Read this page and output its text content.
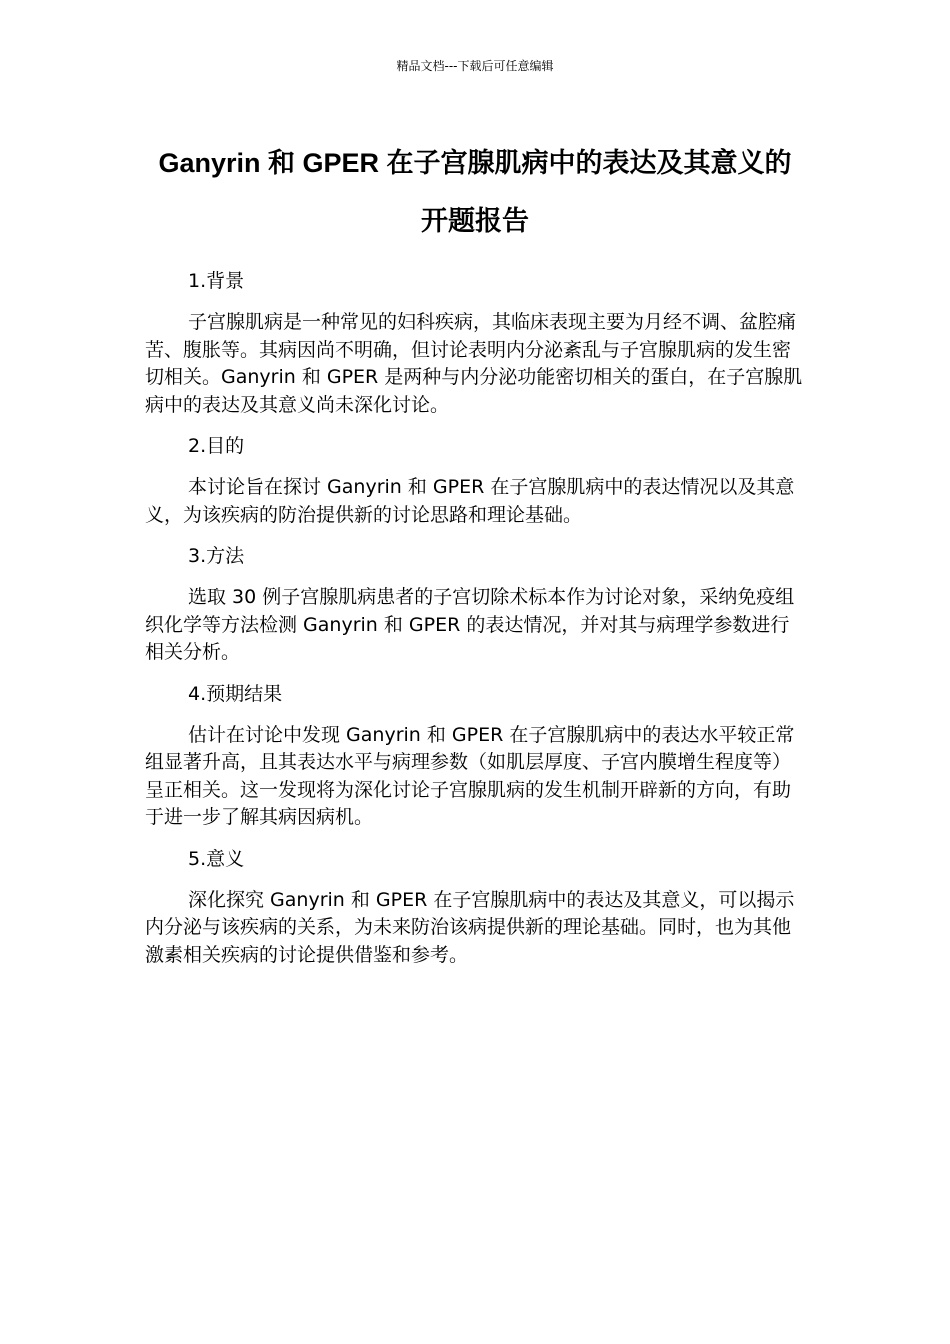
精品文档---下载后可任意编辑
Ganyrin 和 GPER 在子宫腺肌病中的表达及其意义的
开题报告

1.背景

子宫腺肌病是一种常见的妇科疾病，其临床表现主要为月经不调、盆腔痛苦、腹胀等。其病因尚不明确，但讨论表明内分泌紊乱与子宫腺肌病的发生密切相关。Ganyrin 和 GPER 是两种与内分泌功能密切相关的蛋白，在子宫腺肌病中的表达及其意义尚未深化讨论。

2.目的

本讨论旨在探讨 Ganyrin 和 GPER 在子宫腺肌病中的表达情况以及其意义，为该疾病的防治提供新的讨论思路和理论基础。

3.方法

选取 30 例子宫腺肌病患者的子宫切除术标本作为讨论对象，采纳免疫组织化学等方法检测 Ganyrin 和 GPER 的表达情况，并对其与病理学参数进行相关分析。

4.预期结果

估计在讨论中发现 Ganyrin 和 GPER 在子宫腺肌病中的表达水平较正常组显著升高，且其表达水平与病理参数（如肌层厚度、子宫内膜增生程度等）呈正相关。这一发现将为深化讨论子宫腺肌病的发生机制开辟新的方向，有助于进一步了解其病因病机。

5.意义

深化探究 Ganyrin 和 GPER 在子宫腺肌病中的表达及其意义，可以揭示内分泌与该疾病的关系，为未来防治该病提供新的理论基础。同时，也为其他激素相关疾病的讨论提供借鉴和参考。
